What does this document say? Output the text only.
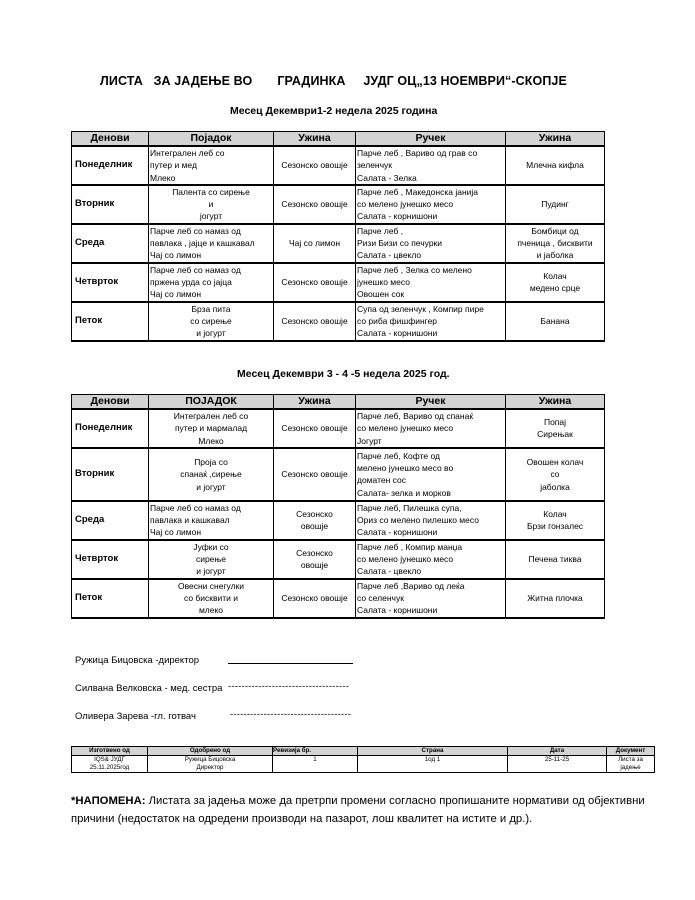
ЛИСТА   ЗА ЈАДЕЊЕ ВО       ГРАДИНКА     ЈУДГ ОЦ„13 НОЕМВРИ“-СКОПЈЕ
Месец Декември1-2 недела 2025 година
Денови	Појадок	Ужина	Ручек	Ужина
Понеделник	Интегрален леб со
путер и мед
Млеко	Сезонско овошје	Парче леб , Вариво од грав со
зеленчук
Салата - Зелка	Млечна кифла

Вторник	Палента со сирење
и
јогурт	Сезонско овошје	Парче леб , Македонска јанија
со мелено јунешко месо
Салата - корнишони	Пудинг

Среда	Парче леб со намаз од
павлака , јајце и кашкавал
Чај со лимон	Чај со лимон	Парче леб ,
Ризи Бизи со печурки
Салата - цвекло	Бомбици од
пченица , бисквити
и јаболка

Четврток	Парче леб со намаз од
пржена урда со јајца
Чај со лимон	Сезонско овошје	Парче леб , Зелка со мелено
јунешко месо
Овошен сок	Колач
медено срце

Петок	Брза пита
со сирење
и јогурт	Сезонско овошје	Супа од зеленчук , Компир пире
со риба фишфингер
Салата - корнишони	Банана
Месец Декември 3 - 4 -5 недела 2025 год.
Денови	ПОЈАДОК	Ужина	Ручек	Ужина
Понеделник	Интегрален леб со
путер и мармалад
Млеко	Сезонско овошје	Парче леб, Вариво од спанаќ
со мелено јунешко месо
Јогурт	Попај
Сирењак

Вторник	Проја со
спанаќ ,сирење
и јогурт	Сезонско овошје	Парче леб, Кофте од
мелено јунешко месо во
доматен сос
Салата- зелка и морков	Овошен колач
со
јаболка

Среда	Парче леб со намаз од
павлака и кашкавал
Чај со лимон	Сезонско
овошје	Парче леб, Пилешка супа,
Ориз со мелено пилешко месо
Салата - корнишони	Колач
Брзи гонзалес

Четврток	Јуфки со
сирење
и јогурт	Сезонско
овошје	Парче леб , Компир манџа
со мелено јунешко месо
Салата - цвекло	Печена тиква

Петок	Овесни снегулки
со бисквити и
млеко	Сезонско овошје	Парче леб ,Вариво од леќа
со селенчук
Салата - корнишони	Житна плочка
Ружица Бицовска -директор
Силвана Велковска - мед. сестра ------------------------------------
Оливера Зарева -гл. готвач	------------------------------------
Изготвено од	Одобрено од	Ревизија бр.	Страна	Дата	Документ

IQS& ЈУДГ
25.11.2025год	Ружица Бицовска
Директор	1	1од 1	25-11-25	Листа за
јадење
*НАПОМЕНА: Листата за јадења може да претрпи промени согласно пропишаните нормативи од објективни причини (недостаток на одредени производи на пазарот, лош квалитет на истите и др.).
